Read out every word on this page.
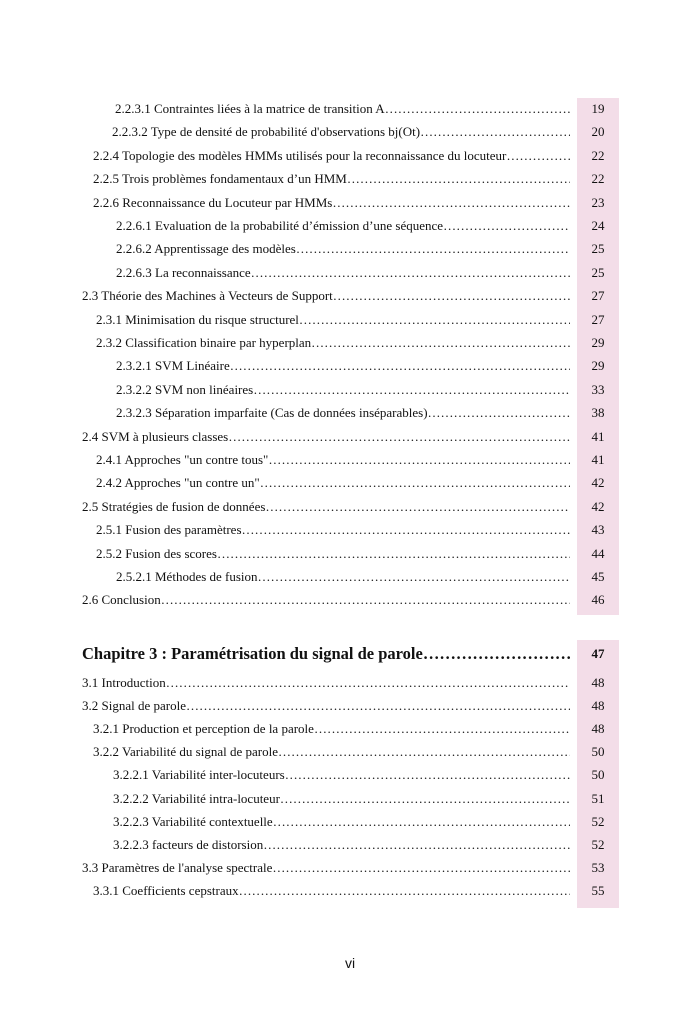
2.2.3.1 Contraintes liées à la matrice de transition A ……………………………………………………………………………………………………………………	19
2.2.3.2 Type de densité de probabilité d'observations bj(Ot) ……………………………………………………………………………………………………………………	20
2.2.4 Topologie des modèles HMMs utilisés pour la reconnaissance du locuteur ……………………………………………………………………………………………………………………	22
2.2.5 Trois problèmes fondamentaux d’un HMM ……………………………………………………………………………………………………………………	22
2.2.6 Reconnaissance du Locuteur par HMMs ……………………………………………………………………………………………………………………	23
2.2.6.1 Evaluation de la probabilité d’émission d’une séquence ……………………………………………………………………………………………………………………	24
2.2.6.2 Apprentissage des modèles ……………………………………………………………………………………………………………………	25
2.2.6.3 La reconnaissance ……………………………………………………………………………………………………………………	25
2.3 Théorie des Machines à Vecteurs de Support ……………………………………………………………………………………………………………………	27
2.3.1 Minimisation du risque structurel ……………………………………………………………………………………………………………………	27
2.3.2 Classification binaire par hyperplan ……………………………………………………………………………………………………………………	29
2.3.2.1 SVM Linéaire ……………………………………………………………………………………………………………………	29
2.3.2.2 SVM non linéaires ……………………………………………………………………………………………………………………	33
2.3.2.3 Séparation imparfaite (Cas de données inséparables) ……………………………………………………………………………………………………………………	38
2.4 SVM à plusieurs classes ……………………………………………………………………………………………………………………	41
2.4.1 Approches "un contre tous" ……………………………………………………………………………………………………………………	41
2.4.2 Approches "un contre un" ……………………………………………………………………………………………………………………	42
2.5 Stratégies de fusion de données ……………………………………………………………………………………………………………………	42
2.5.1 Fusion des paramètres ……………………………………………………………………………………………………………………	43
2.5.2 Fusion des scores ……………………………………………………………………………………………………………………	44
2.5.2.1 Méthodes de fusion ……………………………………………………………………………………………………………………	45
2.6 Conclusion ……………………………………………………………………………………………………………………	46
Chapitre 3 : Paramétrisation du signal de parole ………………………………………………	47
3.1 Introduction ……………………………………………………………………………………………………………………	48
3.2 Signal de parole ……………………………………………………………………………………………………………………	48
3.2.1 Production et perception de la parole ……………………………………………………………………………………………………………………	48
3.2.2 Variabilité du signal de parole ……………………………………………………………………………………………………………………	50
3.2.2.1 Variabilité inter-locuteurs ……………………………………………………………………………………………………………………	50
3.2.2.2 Variabilité intra-locuteur ……………………………………………………………………………………………………………………	51
3.2.2.3 Variabilité contextuelle ……………………………………………………………………………………………………………………	52
3.2.2.3 facteurs de distorsion ……………………………………………………………………………………………………………………	52
3.3 Paramètres de l'analyse spectrale ……………………………………………………………………………………………………………………	53
3.3.1 Coefficients cepstraux ……………………………………………………………………………………………………………………	55
vi
